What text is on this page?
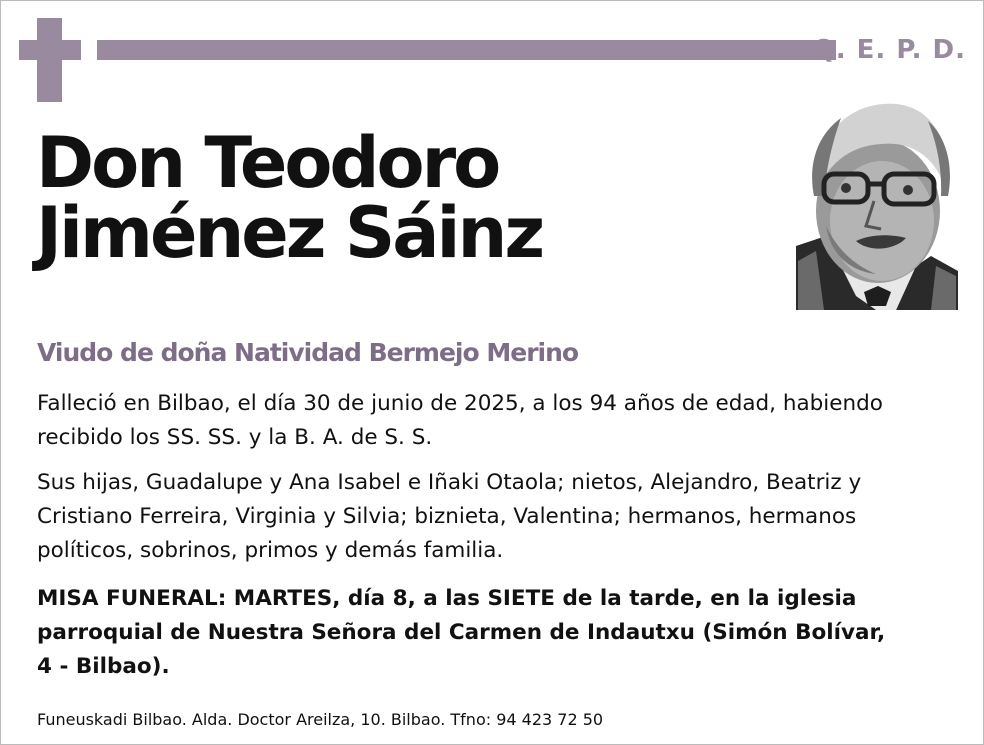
Q. E. P. D.
Don Teodoro
Jiménez Sáinz
Viudo de doña Natividad Bermejo Merino
Falleció en Bilbao, el día 30 de junio de 2025, a los 94 años de edad, habiendo
recibido los SS. SS. y la B. A. de S. S.
Sus hijas, Guadalupe y Ana Isabel e Iñaki Otaola; nietos, Alejandro, Beatriz y
Cristiano Ferreira, Virginia y Silvia; biznieta, Valentina; hermanos, hermanos
políticos, sobrinos, primos y demás familia.
MISA FUNERAL: MARTES, día 8, a las SIETE de la tarde, en la iglesia
parroquial de Nuestra Señora del Carmen de Indautxu (Simón Bolívar,
4 - Bilbao).
Funeuskadi Bilbao. Alda. Doctor Areilza, 10. Bilbao. Tfno: 94 423 72 50
